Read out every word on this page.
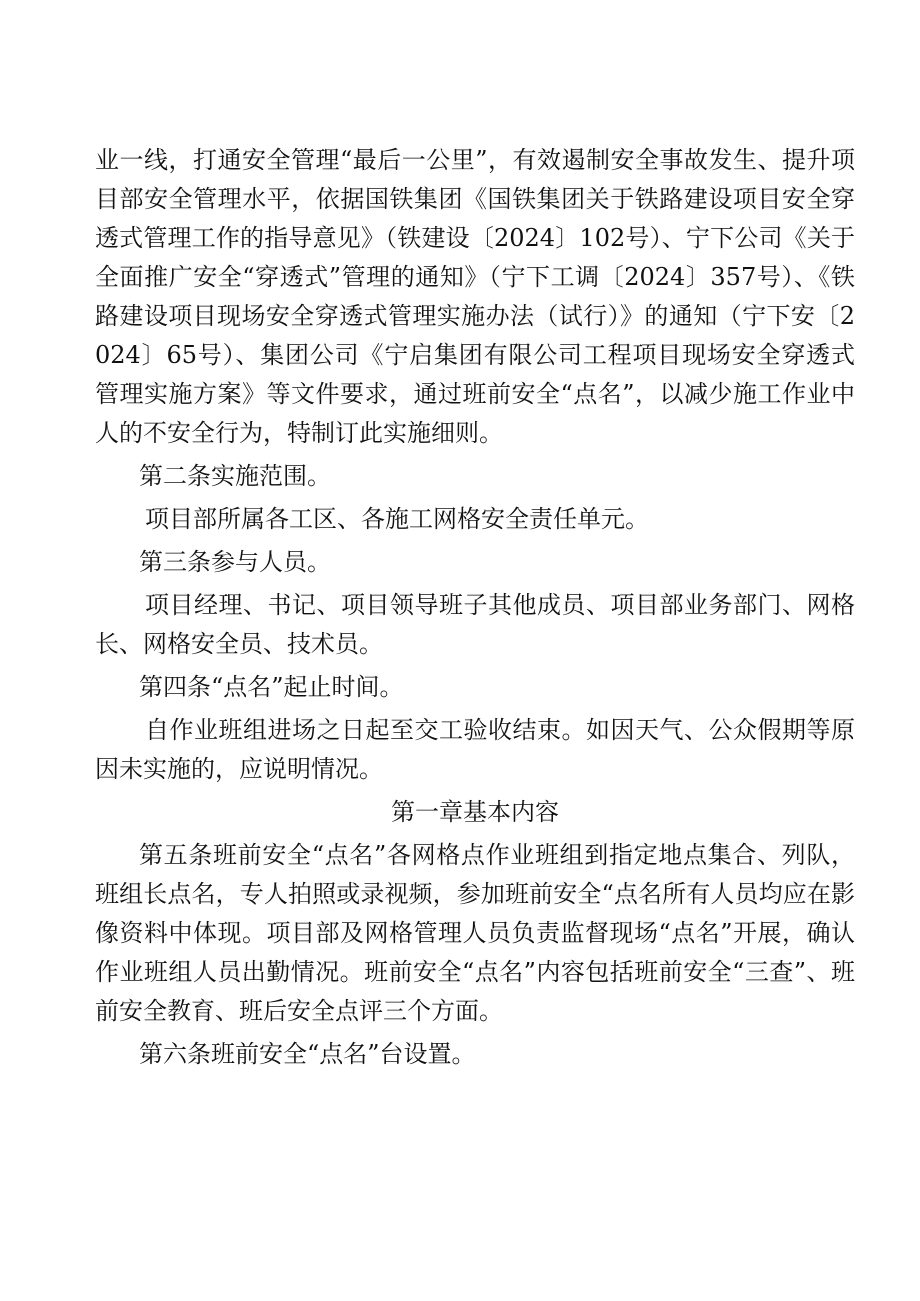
业一线，打通安全管理“最后一公里”，有效遏制安全事故发生、提升项目部安全管理水平，依据国铁集团《国铁集团关于铁路建设项目安全穿透式管理工作的指导意见》（铁建设〔2024〕102号）、宁下公司《关于全面推广安全“穿透式”管理的通知》（宁下工调〔2024〕357号）、《铁路建设项目现场安全穿透式管理实施办法（试行）》的通知（宁下安〔2024〕65号）、集团公司《宁启集团有限公司工程项目现场安全穿透式管理实施方案》等文件要求，通过班前安全“点名”，以减少施工作业中人的不安全行为，特制订此实施细则。

第二条实施范围。

项目部所属各工区、各施工网格安全责任单元。

第三条参与人员。

项目经理、书记、项目领导班子其他成员、项目部业务部门、网格长、网格安全员、技术员。

第四条“点名”起止时间。

自作业班组进场之日起至交工验收结束。如因天气、公众假期等原因未实施的，应说明情况。

第一章基本内容

第五条班前安全“点名”各网格点作业班组到指定地点集合、列队，班组长点名，专人拍照或录视频，参加班前安全“点名所有人员均应在影像资料中体现。项目部及网格管理人员负责监督现场“点名”开展，确认作业班组人员出勤情况。班前安全“点名”内容包括班前安全“三查”、班前安全教育、班后安全点评三个方面。

第六条班前安全“点名”台设置。
